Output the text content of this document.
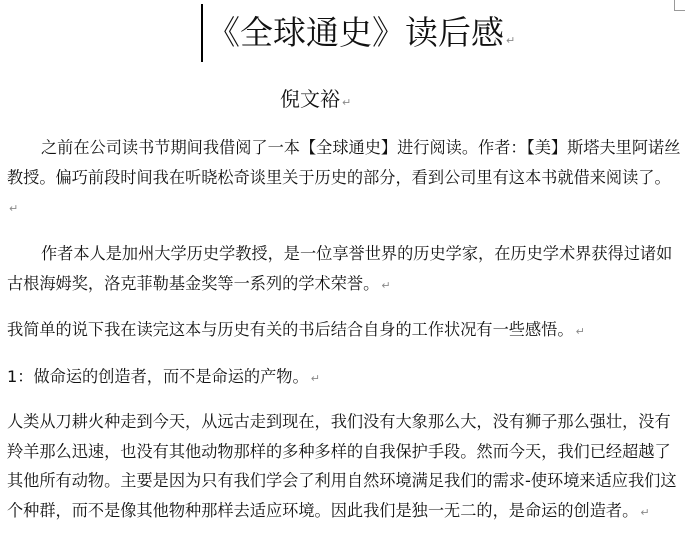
《全球通史》读后感 ↵
倪文裕 ↵

之前在公司读书节期间我借阅了一本【全球通史】进行阅读。作者：【美】斯塔夫里阿诺丝教授。偏巧前段时间我在听晓松奇谈里关于历史的部分，看到公司里有这本书就借来阅读了。↵

作者本人是加州大学历史学教授，是一位享誉世界的历史学家，在历史学术界获得过诸如古根海姆奖，洛克菲勒基金奖等一系列的学术荣誉。 ↵

我简单的说下我在读完这本与历史有关的书后结合自身的工作状况有一些感悟。 ↵

1：做命运的创造者，而不是命运的产物。 ↵

人类从刀耕火种走到今天，从远古走到现在，我们没有大象那么大，没有狮子那么强壮，没有羚羊那么迅速，也没有其他动物那样的多种多样的自我保护手段。然而今天，我们已经超越了其他所有动物。主要是因为只有我们学会了利用自然环境满足我们的需求-使环境来适应我们这个种群，而不是像其他物种那样去适应环境。因此我们是独一无二的，是命运的创造者。 ↵
